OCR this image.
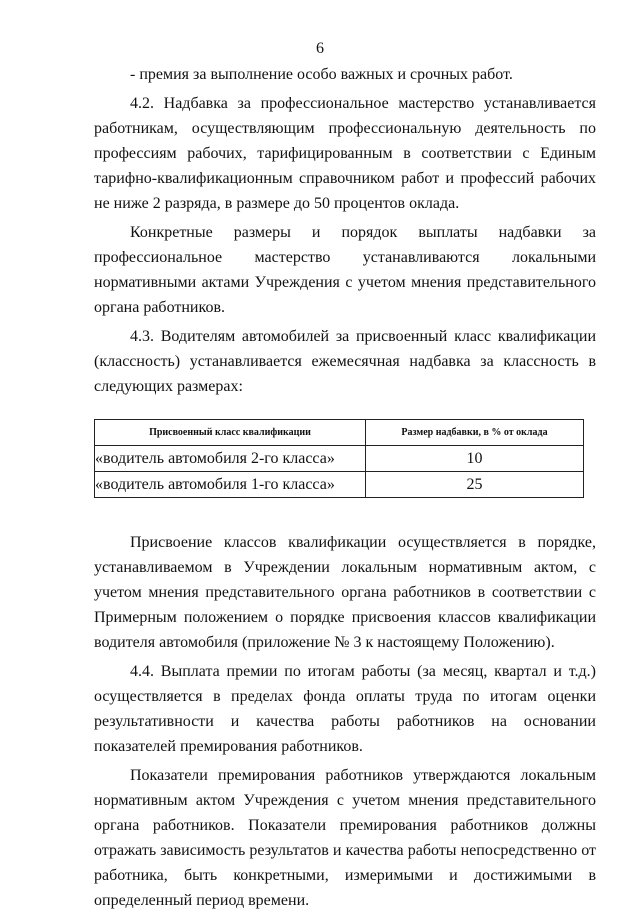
6

- премия за выполнение особо важных и срочных работ.

4.2. Надбавка за профессиональное мастерство устанавливается работникам, осуществляющим профессиональную деятельность по профессиям рабочих, тарифицированным в соответствии с Единым тарифно-квалификационным справочником работ и профессий рабочих не ниже 2 разряда, в размере до 50 процентов оклада.

Конкретные размеры и порядок выплаты надбавки за профессиональное мастерство устанавливаются локальными нормативными актами Учреждения с учетом мнения представительного органа работников.

4.3. Водителям автомобилей за присвоенный класс квалификации (классность) устанавливается ежемесячная надбавка за классность в следующих размерах:

Присвоенный класс квалификации	Размер надбавки, в % от оклада
«водитель автомобиля 2-го класса»	10
«водитель автомобиля 1-го класса»	25

Присвоение классов квалификации осуществляется в порядке, устанавливаемом в Учреждении локальным нормативным актом, с учетом мнения представительного органа работников в соответствии с Примерным положением о порядке присвоения классов квалификации водителя автомобиля (приложение № 3 к настоящему Положению).

4.4. Выплата премии по итогам работы (за месяц, квартал и т.д.) осуществляется в пределах фонда оплаты труда по итогам оценки результативности и качества работы работников на основании показателей премирования работников.

Показатели премирования работников утверждаются локальным нормативным актом Учреждения с учетом мнения представительного органа работников. Показатели премирования работников должны отражать зависимость результатов и качества работы непосредственно от работника, быть конкретными, измеримыми и достижимыми в определенный период времени.
